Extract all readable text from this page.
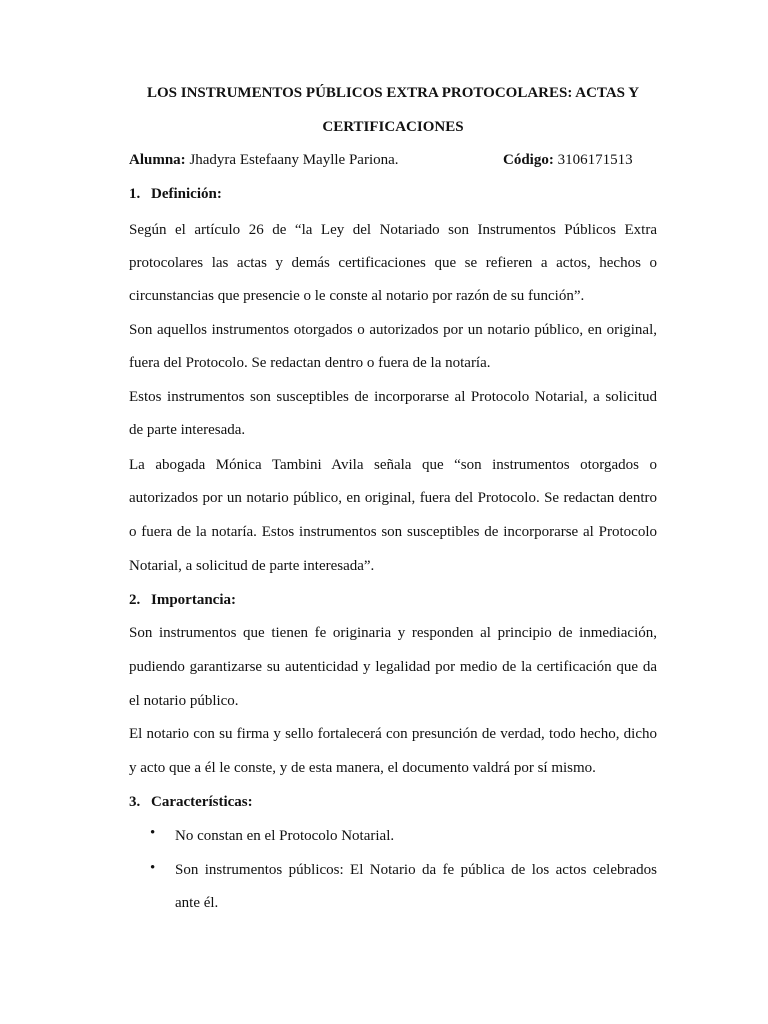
LOS INSTRUMENTOS PÚBLICOS EXTRA PROTOCOLARES: ACTAS Y
CERTIFICACIONES
Alumna: Jhadyra Estefaany Maylle Pariona.	Código: 3106171513
1. Definición:
Según el artículo 26 de “la Ley del Notariado son Instrumentos Públicos Extra
protocolares las actas y demás certificaciones que se refieren a actos, hechos o
circunstancias que presencie o le conste al notario por razón de su función”.
Son aquellos instrumentos otorgados o autorizados por un notario público, en original,
fuera del Protocolo. Se redactan dentro o fuera de la notaría.
Estos instrumentos son susceptibles de incorporarse al Protocolo Notarial, a solicitud
de parte interesada.
La abogada Mónica Tambini Avila señala que “son instrumentos otorgados o
autorizados por un notario público, en original, fuera del Protocolo. Se redactan dentro
o fuera de la notaría. Estos instrumentos son susceptibles de incorporarse al Protocolo
Notarial, a solicitud de parte interesada”.
2. Importancia:
Son instrumentos que tienen fe originaria y responden al principio de inmediación,
pudiendo garantizarse su autenticidad y legalidad por medio de la certificación que da
el notario público.
El notario con su firma y sello fortalecerá con presunción de verdad, todo hecho, dicho
y acto que a él le conste, y de esta manera, el documento valdrá por sí mismo.
3. Características:
• No constan en el Protocolo Notarial.
• Son instrumentos públicos: El Notario da fe pública de los actos celebrados
ante él.
